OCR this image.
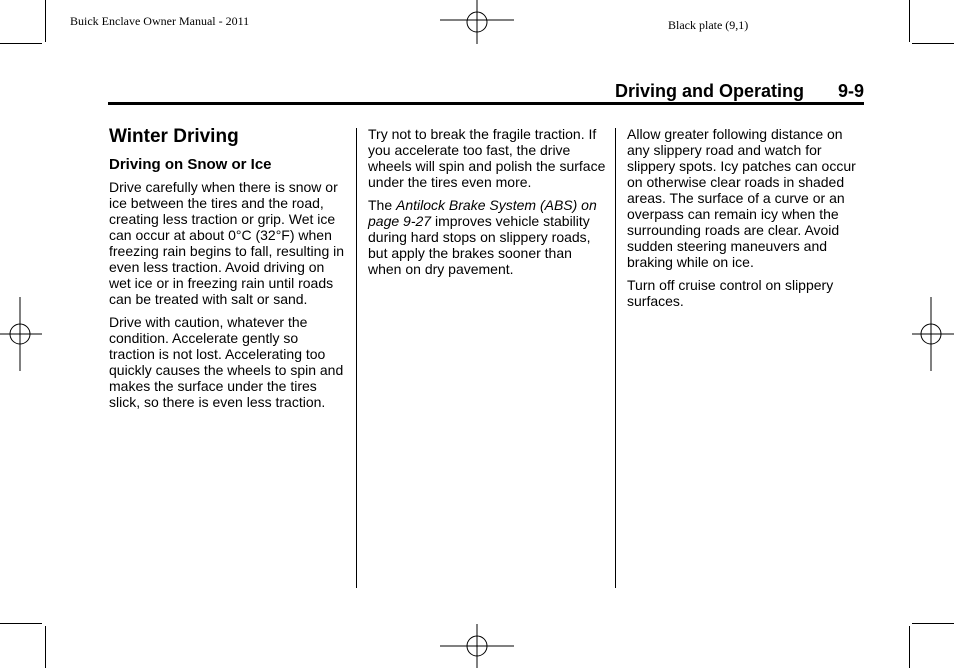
Buick Enclave Owner Manual - 2011	Black plate (9,1)
Driving and Operating 9-9
Winter Driving
Driving on Snow or Ice

Drive carefully when there is snow or ice between the tires and the road, creating less traction or grip. Wet ice can occur at about 0°C (32°F) when freezing rain begins to fall, resulting in even less traction. Avoid driving on wet ice or in freezing rain until roads can be treated with salt or sand.

Drive with caution, whatever the condition. Accelerate gently so traction is not lost. Accelerating too quickly causes the wheels to spin and makes the surface under the tires slick, so there is even less traction.

Try not to break the fragile traction. If you accelerate too fast, the drive wheels will spin and polish the surface under the tires even more.

The Antilock Brake System (ABS) on page 9-27 improves vehicle stability during hard stops on slippery roads, but apply the brakes sooner than when on dry pavement.

Allow greater following distance on any slippery road and watch for slippery spots. Icy patches can occur on otherwise clear roads in shaded areas. The surface of a curve or an overpass can remain icy when the surrounding roads are clear. Avoid sudden steering maneuvers and braking while on ice.

Turn off cruise control on slippery surfaces.
